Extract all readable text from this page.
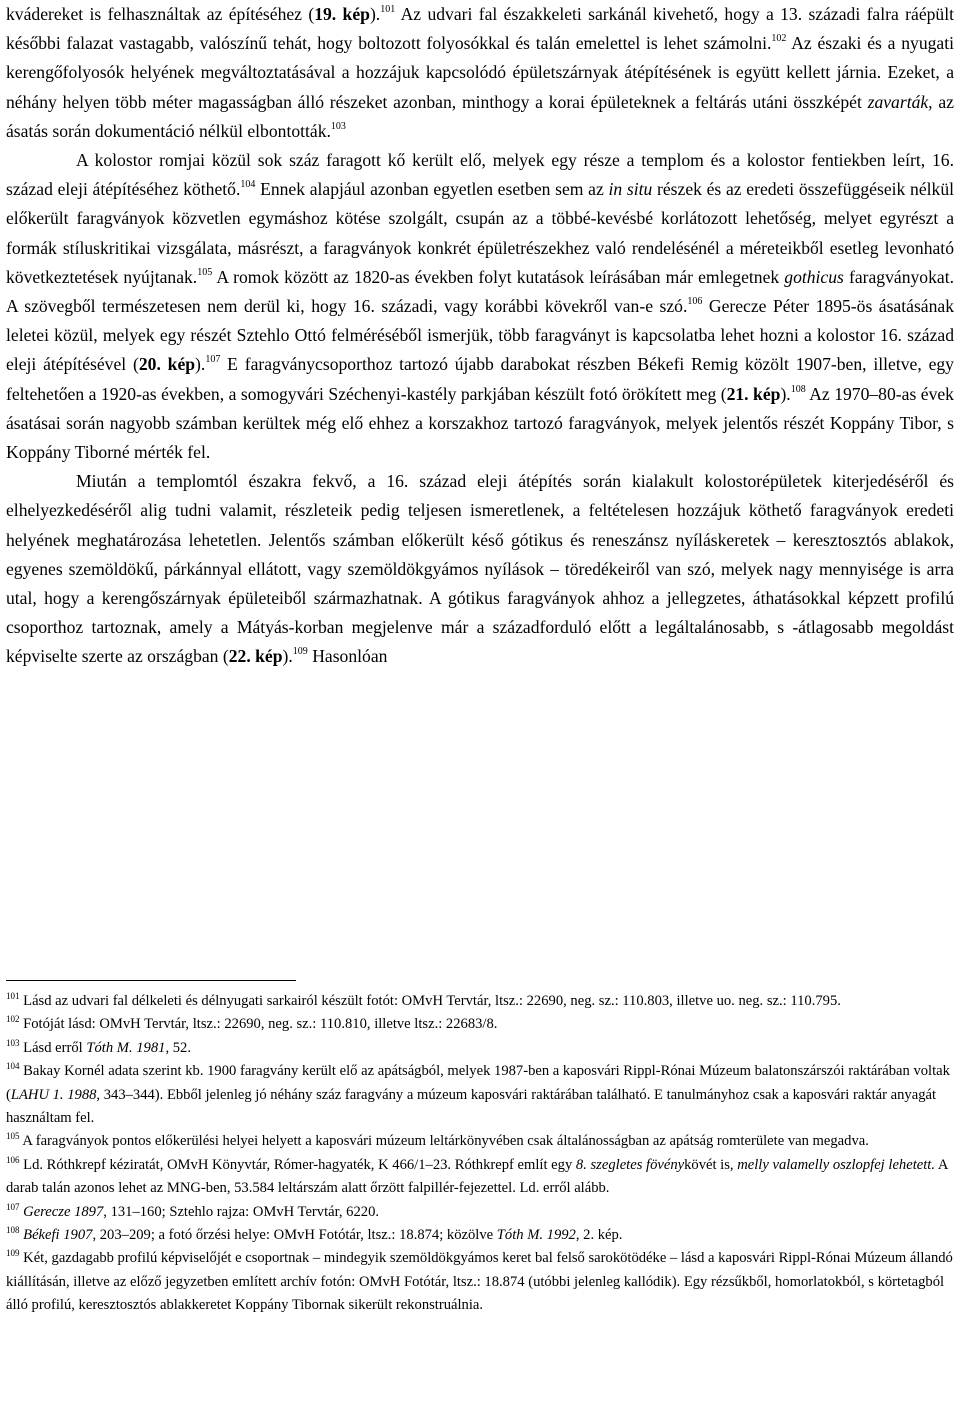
kvádereket is felhasználtak az építéséhez (19. kép).$^{101}$ Az udvari fal északkeleti sarkánál kivehető, hogy a 13. századi falra ráépült későbbi falazat vastagabb, valószínű tehát, hogy boltozott folyosókkal és talán emelettel is lehet számolni.$^{102}$ Az északi és a nyugati kerengőfolyosók helyének megváltoztatásával a hozzájuk kapcsolódó épületszárnyak átépítésének is együtt kellett járnia. Ezeket, a néhány helyen több méter magasságban álló részeket azonban, minthogy a korai épületeknek a feltárás utáni összképét zavarták, az ásatás során dokumentáció nélkül elbontották.$^{103}$

A kolostor romjai közül sok száz faragott kő került elő, melyek egy része a templom és a kolostor fentiekben leírt, 16. század eleji átépítéséhez köthető.$^{104}$ Ennek alapjául azonban egyetlen esetben sem az in situ részek és az eredeti összefüggéseik nélkül előkerült faragványok közvetlen egymáshoz kötése szolgált, csupán az a többé-kevésbé korlátozott lehetőség, melyet egyrészt a formák stíluskritikai vizsgálata, másrészt, a faragványok konkrét épületrészekhez való rendelésénél a méreteikből esetleg levonható következtetések nyújtanak.$^{105}$ A romok között az 1820-as években folyt kutatások leírásában már emlegetnek gothicus faragványokat. A szövegből természetesen nem derül ki, hogy 16. századi, vagy korábbi kövekről van-e szó.$^{106}$ Gerecze Péter 1895-ös ásatásának leletei közül, melyek egy részét Sztehlo Ottó felméréséből ismerjük, több faragványt is kapcsolatba lehet hozni a kolostor 16. század eleji átépítésével (20. kép).$^{107}$ E faragványcsoporthoz tartozó újabb darabokat részben Békefi Remig közölt 1907-ben, illetve, egy feltehetően a 1920-as években, a somogyvári Széchenyi-kastély parkjában készült fotó örökített meg (21. kép).$^{108}$ Az 1970–80-as évek ásatásai során nagyobb számban kerültek még elő ehhez a korszakhoz tartozó faragványok, melyek jelentős részét Koppány Tibor, s Koppány Tiborné mérték fel.

Miután a templomtól északra fekvő, a 16. század eleji átépítés során kialakult kolostorépületek kiterjedéséről és elhelyezkedéséről alig tudni valamit, részleteik pedig teljesen ismeretlenek, a feltételesen hozzájuk köthető faragványok eredeti helyének meghatározása lehetetlen. Jelentős számban előkerült késő gótikus és reneszánsz nyíláskeretek – keresztosztós ablakok, egyenes szemöldökű, párkánnyal ellátott, vagy szemöldökgyámos nyílások – töredékeiről van szó, melyek nagy mennyisége is arra utal, hogy a kerengőszárnyak épületeiből származhatnak. A gótikus faragványok ahhoz a jellegzetes, áthatásokkal képzett profilú csoporthoz tartoznak, amely a Mátyás-korban megjelenve már a századforduló előtt a legáltalánosabb, s -átlagosabb megoldást képviselte szerte az országban (22. kép).$^{109}$ Hasonlóan

$^{101}$ Lásd az udvari fal délkeleti és délnyugati sarkairól készült fotót: OMvH Tervtár, ltsz.: 22690, neg. sz.: 110.803, illetve uo. neg. sz.: 110.795.

$^{102}$ Fotóját lásd: OMvH Tervtár, ltsz.: 22690, neg. sz.: 110.810, illetve ltsz.: 22683/8.

$^{103}$ Lásd erről Tóth M. 1981, 52.

$^{104}$ Bakay Kornél adata szerint kb. 1900 faragvány került elő az apátságból, melyek 1987-ben a kaposvári Rippl-Rónai Múzeum balatonszárszói raktárában voltak (LAHU 1. 1988, 343–344). Ebből jelenleg jó néhány száz faragvány a múzeum kaposvári raktárában található. E tanulmányhoz csak a kaposvári raktár anyagát használtam fel.

$^{105}$ A faragványok pontos előkerülési helyei helyett a kaposvári múzeum leltárkönyvében csak általánosságban az apátság romterülete van megadva.

$^{106}$ Ld. Róthkrepf kéziratát, OMvH Könyvtár, Rómer-hagyaték, K 466/1–23. Róthkrepf említ egy 8. szegletes fövénykövét is, melly valamelly oszlopfej lehetett. A darab talán azonos lehet az MNG-ben, 53.584 leltárszám alatt őrzött falpillér-fejezettel. Ld. erről alább.

$^{107}$ Gerecze 1897, 131–160; Sztehlo rajza: OMvH Tervtár, 6220.

$^{108}$ Békefi 1907, 203–209; a fotó őrzési helye: OMvH Fotótár, ltsz.: 18.874; közölve Tóth M. 1992, 2. kép.

$^{109}$ Két, gazdagabb profilú képviselőjét e csoportnak – mindegyik szemöldökgyámos keret bal felső sarokötödéke – lásd a kaposvári Rippl-Rónai Múzeum állandó kiállításán, illetve az előző jegyzetben említett archív fotón: OMvH Fotótár, ltsz.: 18.874 (utóbbi jelenleg kallódik). Egy rézsűkből, homorlatokból, s körtetagból álló profilú, keresztosztós ablakkeretet Koppány Tibornak sikerült rekonstruálnia.
